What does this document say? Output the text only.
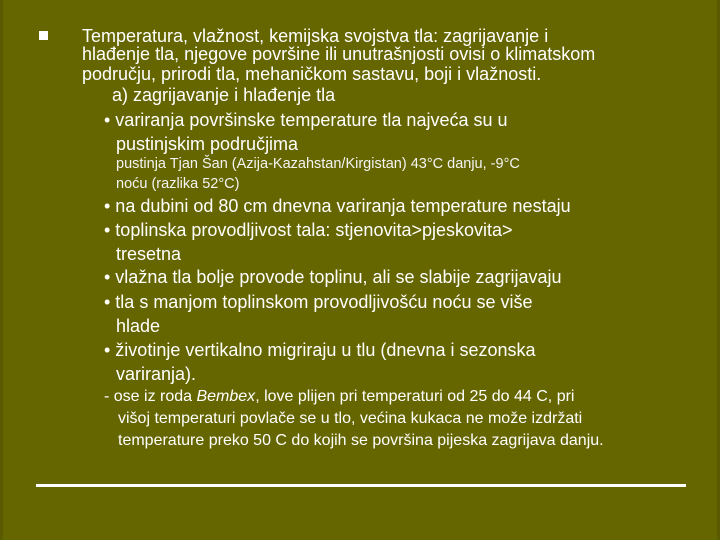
Temperatura, vlažnost, kemijska svojstva tla: zagrijavanje i
hlađenje tla, njegove površine ili unutrašnjosti ovisi o klimatskom
području, prirodi tla, mehaničkom sastavu, boji i vlažnosti.
a) zagrijavanje i hlađenje tla
• variranja površinske temperature tla najveća su u
pustinjskim područjima
pustinja Tjan Šan (Azija-Kazahstan/Kirgistan) 43°C danju, -9°C
noću (razlika 52°C)
• na dubini od 80 cm dnevna variranja temperature nestaju
• toplinska provodljivost tala: stjenovita>pjeskovita>
tresetna
• vlažna tla bolje provode toplinu, ali se slabije zagrijavaju
• tla s manjom toplinskom provodljivošću noću se više
hlade
• životinje vertikalno migriraju u tlu (dnevna i sezonska
variranja).
- ose iz roda Bembex, love plijen pri temperaturi od 25 do 44 C, pri
višoj temperaturi povlače se u tlo, većina kukaca ne može izdržati
temperature preko 50 C do kojih se površina pijeska zagrijava danju.
